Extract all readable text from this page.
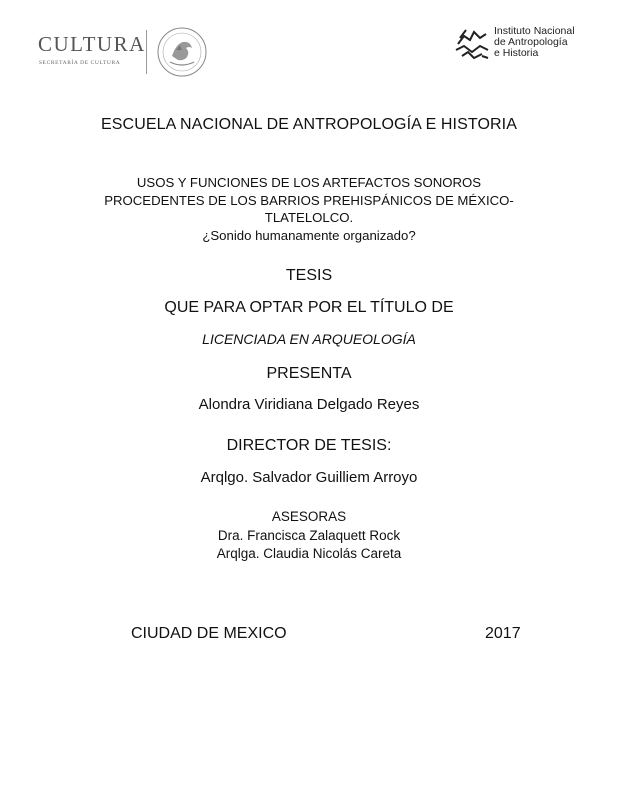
CULTURA
SECRETARÍA DE CULTURA
Instituto Nacional
de Antropología
e Historia
ESCUELA NACIONAL DE ANTROPOLOGÍA E HISTORIA
USOS Y FUNCIONES DE LOS ARTEFACTOS SONOROS
PROCEDENTES DE LOS BARRIOS PREHISPÁNICOS DE MÉXICO-
TLATELOLCO.
¿Sonido humanamente organizado?
TESIS
QUE PARA OPTAR POR EL TÍTULO DE
LICENCIADA EN ARQUEOLOGÍA
PRESENTA
Alondra Viridiana Delgado Reyes
DIRECTOR DE TESIS:
Arqlgo. Salvador Guilliem Arroyo
ASESORAS
Dra. Francisca Zalaquett Rock
Arqlga. Claudia Nicolás Careta
CIUDAD DE MEXICO	2017
